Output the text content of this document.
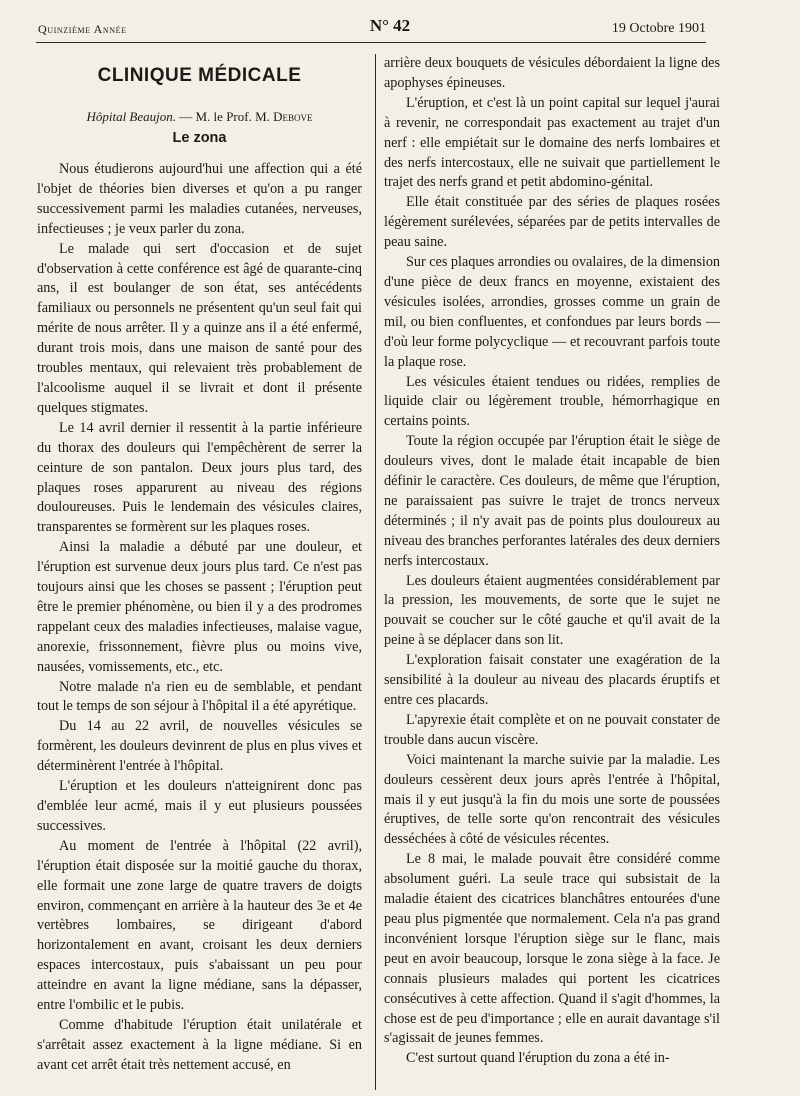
Quinzième Année	N° 42	19 Octobre 1901
CLINIQUE MÉDICALE
Hôpital Beaujon. — M. le Prof. M. Debove
Le zona

Nous étudierons aujourd'hui une affection qui a été l'objet de théories bien diverses et qu'on a pu ranger successivement parmi les maladies cutanées, nerveuses, infectieuses ; je veux parler du zona.

Le malade qui sert d'occasion et de sujet d'observation à cette conférence est âgé de quarante-cinq ans, il est boulanger de son état, ses antécédents familiaux ou personnels ne présentent qu'un seul fait qui mérite de nous arrêter. Il y a quinze ans il a été enfermé, durant trois mois, dans une maison de santé pour des troubles mentaux, qui relevaient très probablement de l'alcoolisme auquel il se livrait et dont il présente quelques stigmates.

Le 14 avril dernier il ressentit à la partie inférieure du thorax des douleurs qui l'empêchèrent de serrer la ceinture de son pantalon. Deux jours plus tard, des plaques roses apparurent au niveau des régions douloureuses. Puis le lendemain des vésicules claires, transparentes se formèrent sur les plaques roses.

Ainsi la maladie a débuté par une douleur, et l'éruption est survenue deux jours plus tard. Ce n'est pas toujours ainsi que les choses se passent ; l'éruption peut être le premier phénomène, ou bien il y a des prodromes rappelant ceux des maladies infectieuses, malaise vague, anorexie, frissonnement, fièvre plus ou moins vive, nausées, vomissements, etc., etc.

Notre malade n'a rien eu de semblable, et pendant tout le temps de son séjour à l'hôpital il a été apyrétique.

Du 14 au 22 avril, de nouvelles vésicules se formèrent, les douleurs devinrent de plus en plus vives et déterminèrent l'entrée à l'hôpital.

L'éruption et les douleurs n'atteignirent donc pas d'emblée leur acmé, mais il y eut plusieurs poussées successives.

Au moment de l'entrée à l'hôpital (22 avril), l'éruption était disposée sur la moitié gauche du thorax, elle formait une zone large de quatre travers de doigts environ, commençant en arrière à la hauteur des 3e et 4e vertèbres lombaires, se dirigeant d'abord horizontalement en avant, croisant les deux derniers espaces intercostaux, puis s'abaissant un peu pour atteindre en avant la ligne médiane, sans la dépasser, entre l'ombilic et le pubis.

Comme d'habitude l'éruption était unilatérale et s'arrêtait assez exactement à la ligne médiane. Si en avant cet arrêt était très nettement accusé, en

arrière deux bouquets de vésicules débordaient la ligne des apophyses épineuses.

L'éruption, et c'est là un point capital sur lequel j'aurai à revenir, ne correspondait pas exactement au trajet d'un nerf : elle empiétait sur le domaine des nerfs lombaires et des nerfs intercostaux, elle ne suivait que partiellement le trajet des nerfs grand et petit abdomino-génital.

Elle était constituée par des séries de plaques rosées légèrement surélevées, séparées par de petits intervalles de peau saine.

Sur ces plaques arrondies ou ovalaires, de la dimension d'une pièce de deux francs en moyenne, existaient des vésicules isolées, arrondies, grosses comme un grain de mil, ou bien confluentes, et confondues par leurs bords — d'où leur forme polycyclique — et recouvrant parfois toute la plaque rose.

Les vésicules étaient tendues ou ridées, remplies de liquide clair ou légèrement trouble, hémorrhagique en certains points.

Toute la région occupée par l'éruption était le siège de douleurs vives, dont le malade était incapable de bien définir le caractère. Ces douleurs, de même que l'éruption, ne paraissaient pas suivre le trajet de troncs nerveux déterminés ; il n'y avait pas de points plus douloureux au niveau des branches perforantes latérales des deux derniers nerfs intercostaux.

Les douleurs étaient augmentées considérablement par la pression, les mouvements, de sorte que le sujet ne pouvait se coucher sur le côté gauche et qu'il avait de la peine à se déplacer dans son lit.

L'exploration faisait constater une exagération de la sensibilité à la douleur au niveau des placards éruptifs et entre ces placards.

L'apyrexie était complète et on ne pouvait constater de trouble dans aucun viscère.

Voici maintenant la marche suivie par la maladie. Les douleurs cessèrent deux jours après l'entrée à l'hôpital, mais il y eut jusqu'à la fin du mois une sorte de poussées éruptives, de telle sorte qu'on rencontrait des vésicules desséchées à côté de vésicules récentes.

Le 8 mai, le malade pouvait être considéré comme absolument guéri. La seule trace qui subsistait de la maladie étaient des cicatrices blanchâtres entourées d'une peau plus pigmentée que normalement. Cela n'a pas grand inconvénient lorsque l'éruption siège sur le flanc, mais peut en avoir beaucoup, lorsque le zona siège à la face. Je connais plusieurs malades qui portent les cicatrices consécutives à cette affection. Quand il s'agit d'hommes, la chose est de peu d'importance ; elle en aurait davantage s'il s'agissait de jeunes femmes.

C'est surtout quand l'éruption du zona a été in-
